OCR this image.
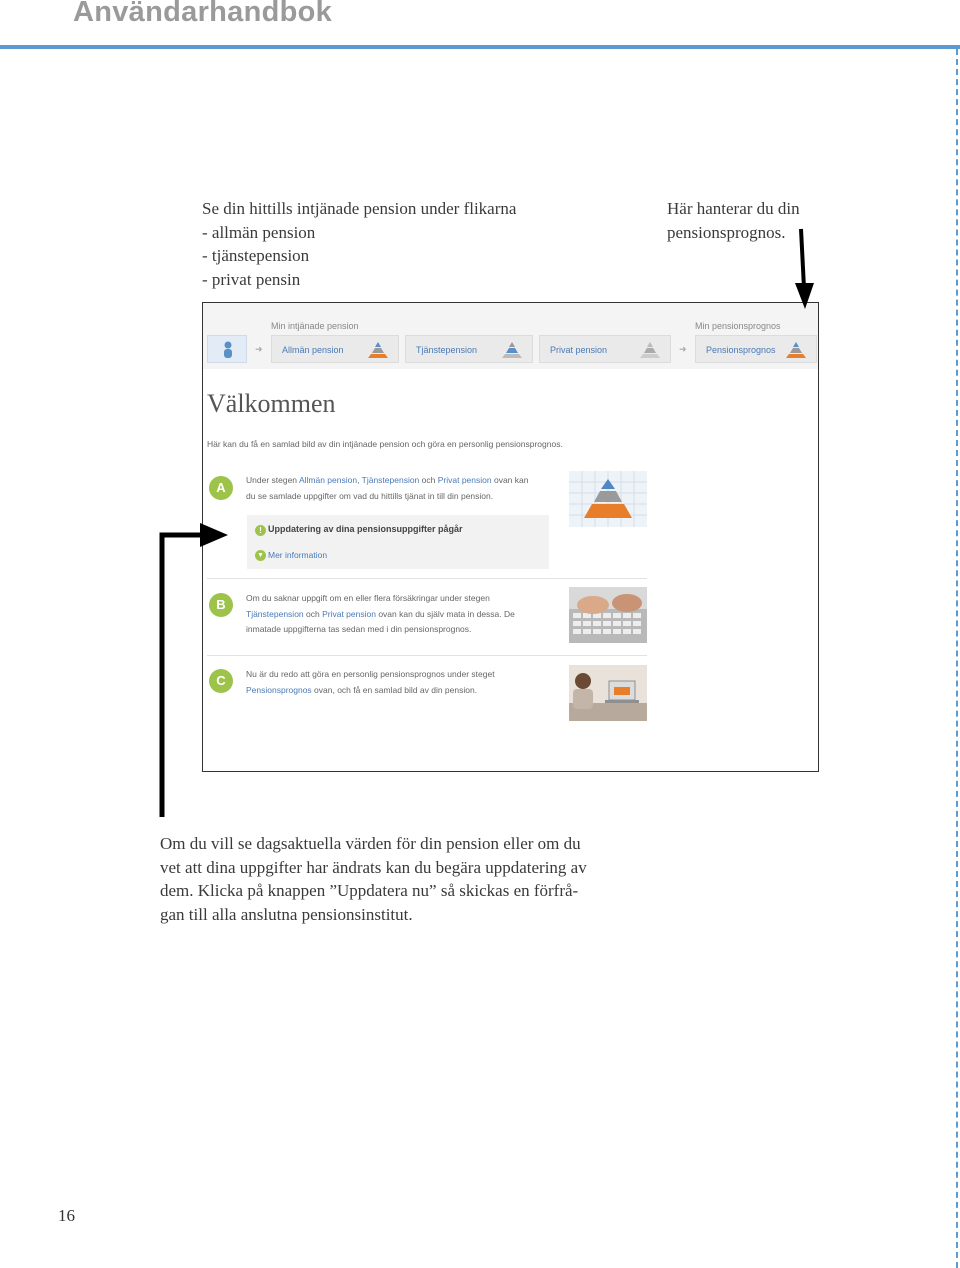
Användarhandbok
Se din hittills intjänade pension under flikarna
- allmän pension
- tjänstepension
- privat pensin
Här hanterar du din
pensionsprognos.
Min intjänade pension	Min pensionsprognos
➜ Allmän pension	Tjänstepension	Privat pension	➜ Pensionsprognos
Välkommen
Här kan du få en samlad bild av din intjänade pension och göra en personlig pensionsprognos.
A	Under stegen Allmän pension, Tjänstepension och Privat pension ovan kan
du se samlade uppgifter om vad du hittills tjänat in till din pension.
! Uppdatering av dina pensionsuppgifter pågår
▼ Mer information
B	Om du saknar uppgift om en eller flera försäkringar under stegen
Tjänstepension och Privat pension ovan kan du själv mata in dessa. De
inmatade uppgifterna tas sedan med i din pensionsprognos.
C	Nu är du redo att göra en personlig pensionsprognos under steget
Pensionsprognos ovan, och få en samlad bild av din pension.
Om du vill se dagsaktuella värden för din pension eller om du
vet att dina uppgifter har ändrats kan du begära uppdatering av
dem. Klicka på knappen ”Uppdatera nu” så skickas en förfrå-
gan till alla anslutna pensionsinstitut.
16
